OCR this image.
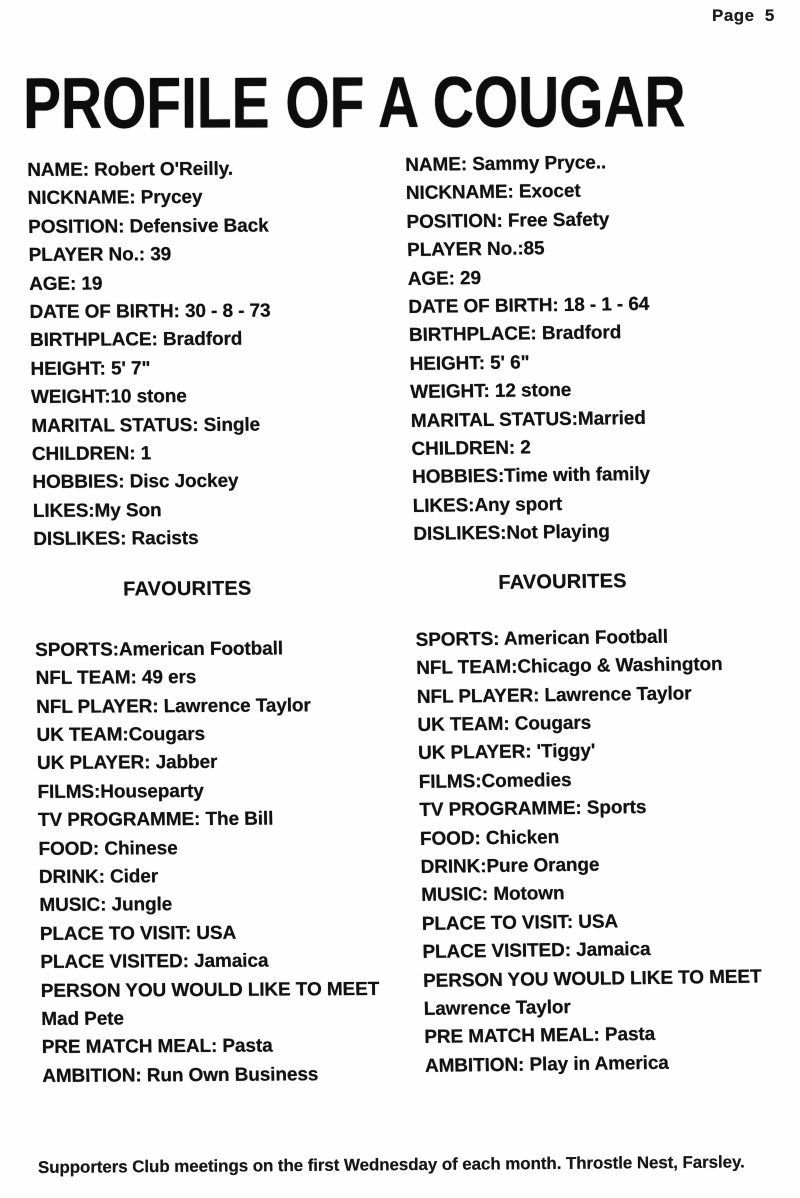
Page 5
PROFILE OF A COUGAR
NAME: Robert O'Reilly.
NICKNAME: Prycey
POSITION: Defensive Back
PLAYER No.: 39
AGE: 19
DATE OF BIRTH: 30 - 8 - 73
BIRTHPLACE: Bradford
HEIGHT: 5' 7"
WEIGHT:10 stone
MARITAL STATUS: Single
CHILDREN: 1
HOBBIES: Disc Jockey
LIKES:My Son
DISLIKES: Racists
FAVOURITES
SPORTS:American Football
NFL TEAM: 49 ers
NFL PLAYER: Lawrence Taylor
UK TEAM:Cougars
UK PLAYER: Jabber
FILMS:Houseparty
TV PROGRAMME: The Bill
FOOD: Chinese
DRINK: Cider
MUSIC: Jungle
PLACE TO VISIT: USA
PLACE VISITED: Jamaica
PERSON YOU WOULD LIKE TO MEET
Mad Pete
PRE MATCH MEAL: Pasta
AMBITION: Run Own Business
NAME: Sammy Pryce..
NICKNAME: Exocet
POSITION: Free Safety
PLAYER No.:85
AGE: 29
DATE OF BIRTH: 18 - 1 - 64
BIRTHPLACE: Bradford
HEIGHT: 5' 6"
WEIGHT: 12 stone
MARITAL STATUS:Married
CHILDREN: 2
HOBBIES:Time with family
LIKES:Any sport
DISLIKES:Not Playing
FAVOURITES
SPORTS: American Football
NFL TEAM:Chicago & Washington
NFL PLAYER: Lawrence Taylor
UK TEAM: Cougars
UK PLAYER: 'Tiggy'
FILMS:Comedies
TV PROGRAMME: Sports
FOOD: Chicken
DRINK:Pure Orange
MUSIC: Motown
PLACE TO VISIT: USA
PLACE VISITED: Jamaica
PERSON YOU WOULD LIKE TO MEET
Lawrence Taylor
PRE MATCH MEAL: Pasta
AMBITION: Play in America
Supporters Club meetings on the first Wednesday of each month. Throstle Nest, Farsley.
